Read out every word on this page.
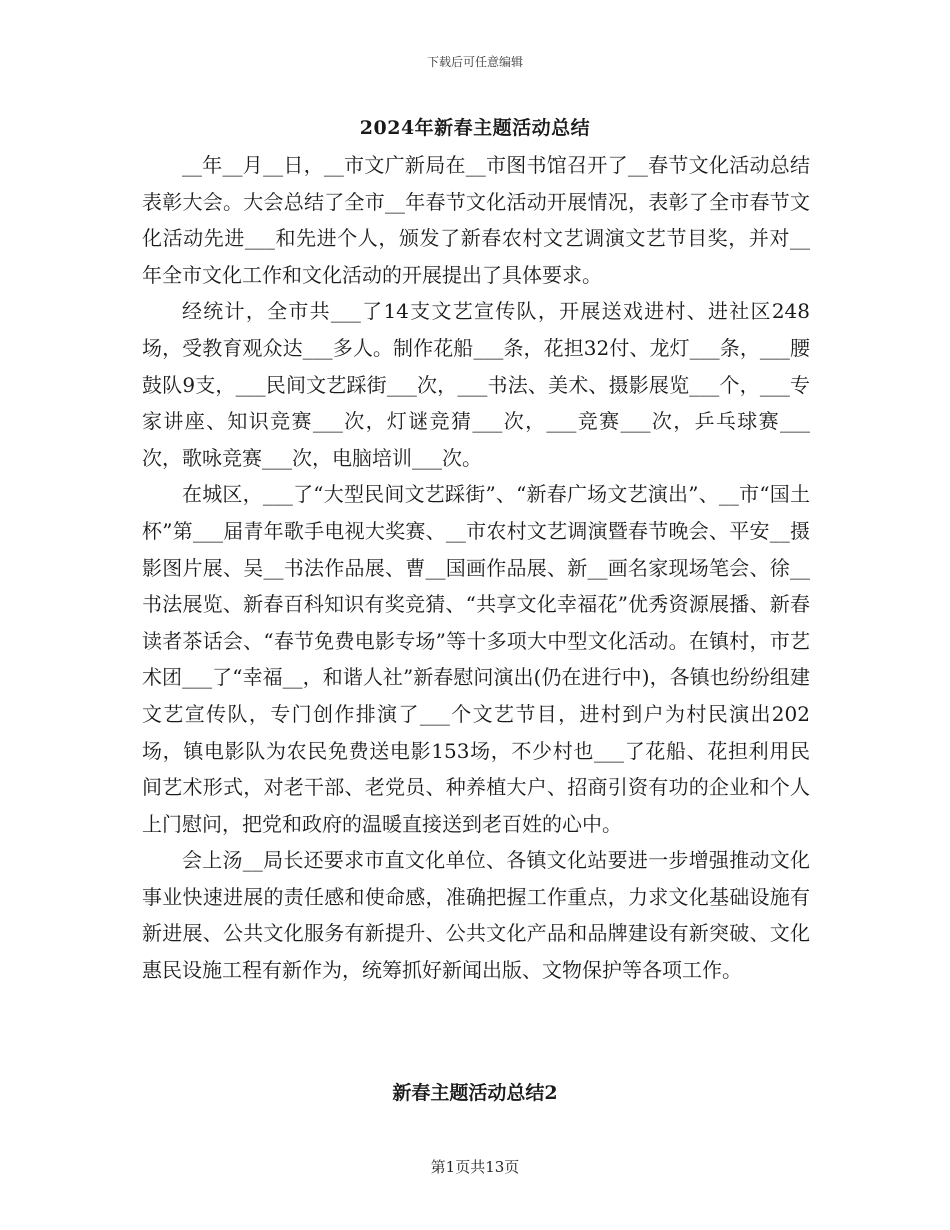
下载后可任意编辑
2024年新春主题活动总结

__年__月__日，__市文广新局在__市图书馆召开了__春节文化活动总结表彰大会。大会总结了全市__年春节文化活动开展情况，表彰了全市春节文化活动先进___和先进个人，颁发了新春农村文艺调演文艺节目奖，并对__年全市文化工作和文化活动的开展提出了具体要求。

经统计，全市共___了14支文艺宣传队，开展送戏进村、进社区248场，受教育观众达___多人。制作花船___条，花担32付、龙灯___条，___腰鼓队9支，___民间文艺踩街___次，___书法、美术、摄影展览___个，___专家讲座、知识竞赛___次，灯谜竞猜___次，___竞赛___次，乒乓球赛___次，歌咏竞赛___次，电脑培训___次。

在城区，___了“大型民间文艺踩街”、“新春广场文艺演出”、__市“国土杯”第___届青年歌手电视大奖赛、__市农村文艺调演暨春节晚会、平安__摄影图片展、吴__书法作品展、曹__国画作品展、新__画名家现场笔会、徐__书法展览、新春百科知识有奖竞猜、“共享文化幸福花”优秀资源展播、新春读者茶话会、“春节免费电影专场”等十多项大中型文化活动。在镇村，市艺术团___了“幸福__，和谐人社”新春慰问演出(仍在进行中)，各镇也纷纷组建文艺宣传队，专门创作排演了___个文艺节目，进村到户为村民演出202场，镇电影队为农民免费送电影153场，不少村也___了花船、花担利用民间艺术形式，对老干部、老党员、种养植大户、招商引资有功的企业和个人上门慰问，把党和政府的温暖直接送到老百姓的心中。

会上汤__局长还要求市直文化单位、各镇文化站要进一步增强推动文化事业快速进展的责任感和使命感，准确把握工作重点，力求文化基础设施有新进展、公共文化服务有新提升、公共文化产品和品牌建设有新突破、文化惠民设施工程有新作为，统筹抓好新闻出版、文物保护等各项工作。

新春主题活动总结2
第1页共13页
